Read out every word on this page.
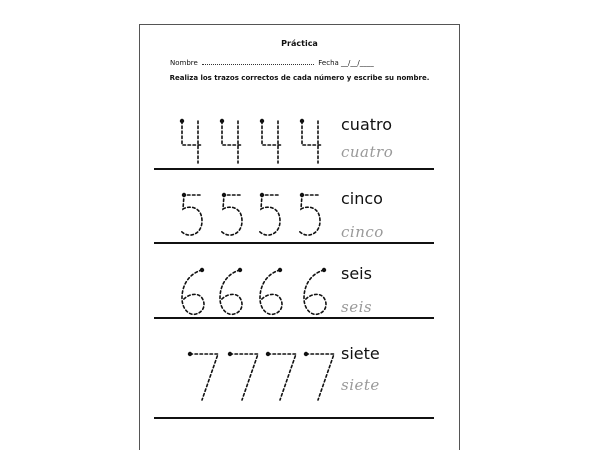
Práctica
Nombre	Fecha __/__/____
Realiza los trazos correctos de cada número y escribe su nombre.
cuatro
cuatro
cinco
cinco
seis
seis
siete
siete
